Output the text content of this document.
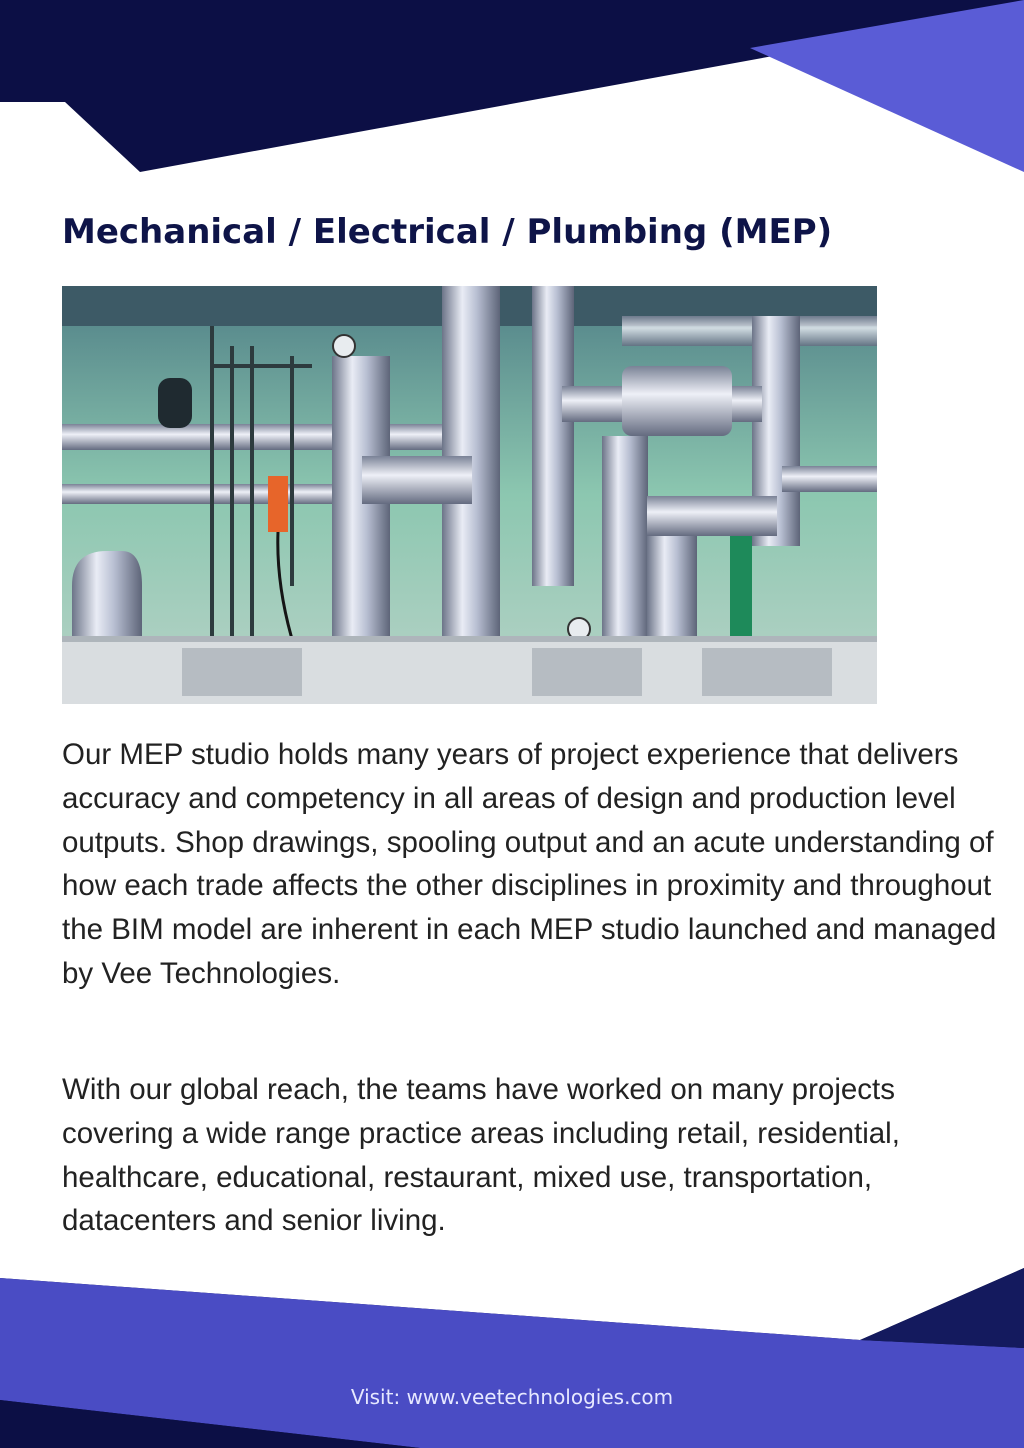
Mechanical / Electrical / Plumbing (MEP)

Our MEP studio holds many years of project experience that delivers accuracy and competency in all areas of design and production level outputs. Shop drawings, spooling output and an acute understanding of how each trade affects the other disciplines in proximity and throughout the BIM model are inherent in each MEP studio launched and managed by Vee Technologies.

With our global reach, the teams have worked on many projects covering a wide range practice areas including retail, residential, healthcare, educational, restaurant, mixed use, transportation, datacenters and senior living.

Visit: www.veetechnologies.com
